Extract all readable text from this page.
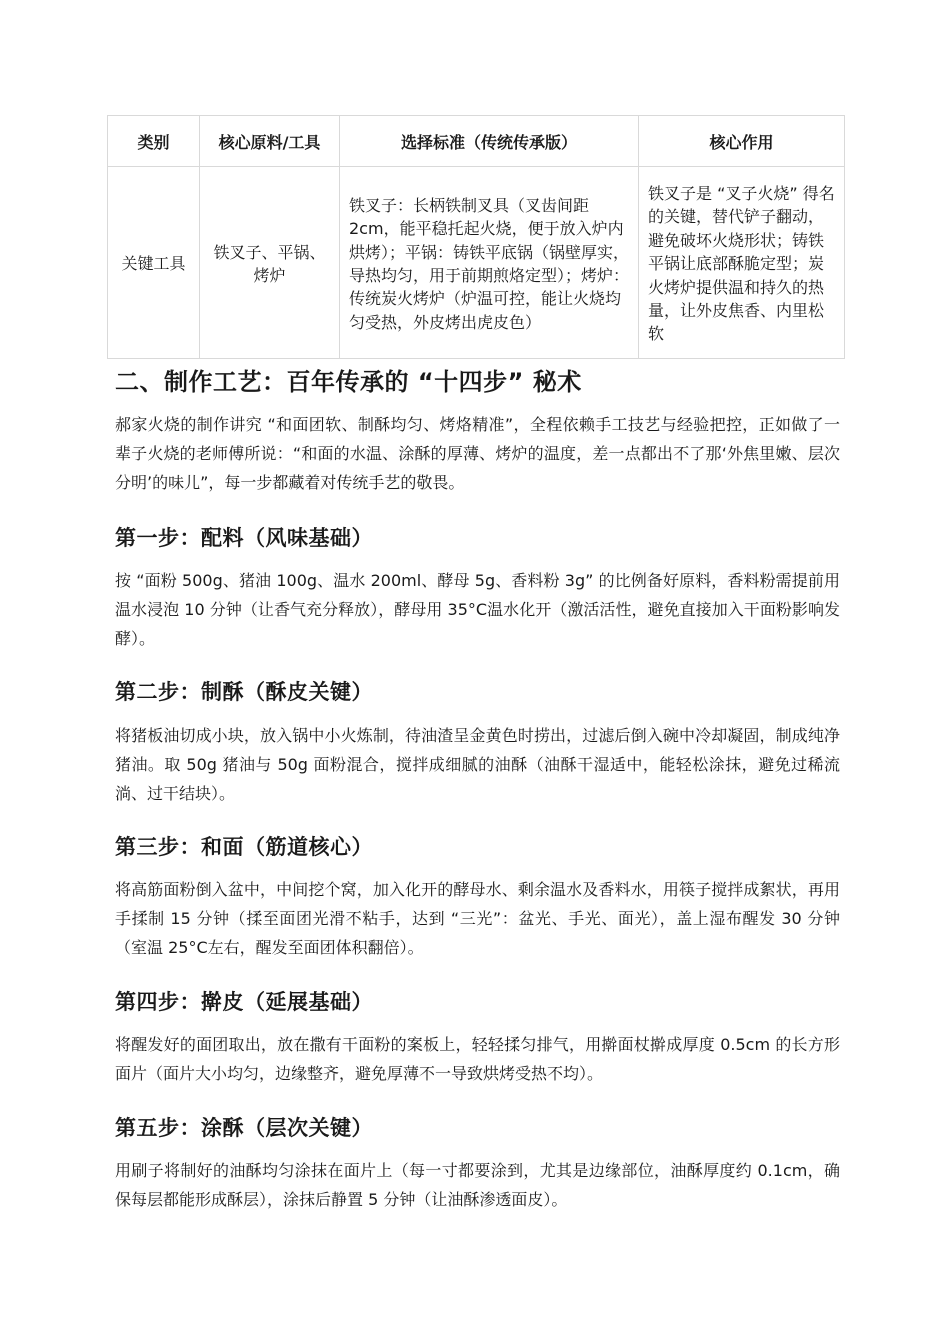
类别	核心原料/工具	选择标准（传统传承版）	核心作用
关键工具	铁叉子、平锅、烤炉	铁叉子：长柄铁制叉具（叉齿间距 2cm，能平稳托起火烧，便于放入炉内烘烤）；平锅：铸铁平底锅（锅壁厚实，导热均匀，用于前期煎烙定型）；烤炉：传统炭火烤炉（炉温可控，能让火烧均匀受热，外皮烤出虎皮色）	铁叉子是 “叉子火烧” 得名的关键，替代铲子翻动，避免破坏火烧形状；铸铁平锅让底部酥脆定型；炭火烤炉提供温和持久的热量，让外皮焦香、内里松软
二、制作工艺：百年传承的 “十四步” 秘术

郝家火烧的制作讲究 “和面团软、制酥均匀、烤烙精准”，全程依赖手工技艺与经验把控，正如做了一辈子火烧的老师傅所说：“和面的水温、涂酥的厚薄、烤炉的温度，差一点都出不了那‘外焦里嫩、层次分明’的味儿”，每一步都藏着对传统手艺的敬畏。

第一步：配料（风味基础）

按 “面粉 500g、猪油 100g、温水 200ml、酵母 5g、香料粉 3g” 的比例备好原料，香料粉需提前用温水浸泡 10 分钟（让香气充分释放），酵母用 35°C温水化开（激活活性，避免直接加入干面粉影响发酵）。

第二步：制酥（酥皮关键）

将猪板油切成小块，放入锅中小火炼制，待油渣呈金黄色时捞出，过滤后倒入碗中冷却凝固，制成纯净猪油。取 50g 猪油与 50g 面粉混合，搅拌成细腻的油酥（油酥干湿适中，能轻松涂抹，避免过稀流淌、过干结块）。

第三步：和面（筋道核心）

将高筋面粉倒入盆中，中间挖个窝，加入化开的酵母水、剩余温水及香料水，用筷子搅拌成絮状，再用手揉制 15 分钟（揉至面团光滑不粘手，达到 “三光”：盆光、手光、面光），盖上湿布醒发 30 分钟（室温 25°C左右，醒发至面团体积翻倍）。

第四步：擀皮（延展基础）

将醒发好的面团取出，放在撒有干面粉的案板上，轻轻揉匀排气，用擀面杖擀成厚度 0.5cm 的长方形面片（面片大小均匀，边缘整齐，避免厚薄不一导致烘烤受热不均）。

第五步：涂酥（层次关键）

用刷子将制好的油酥均匀涂抹在面片上（每一寸都要涂到，尤其是边缘部位，油酥厚度约 0.1cm，确保每层都能形成酥层），涂抹后静置 5 分钟（让油酥渗透面皮）。
